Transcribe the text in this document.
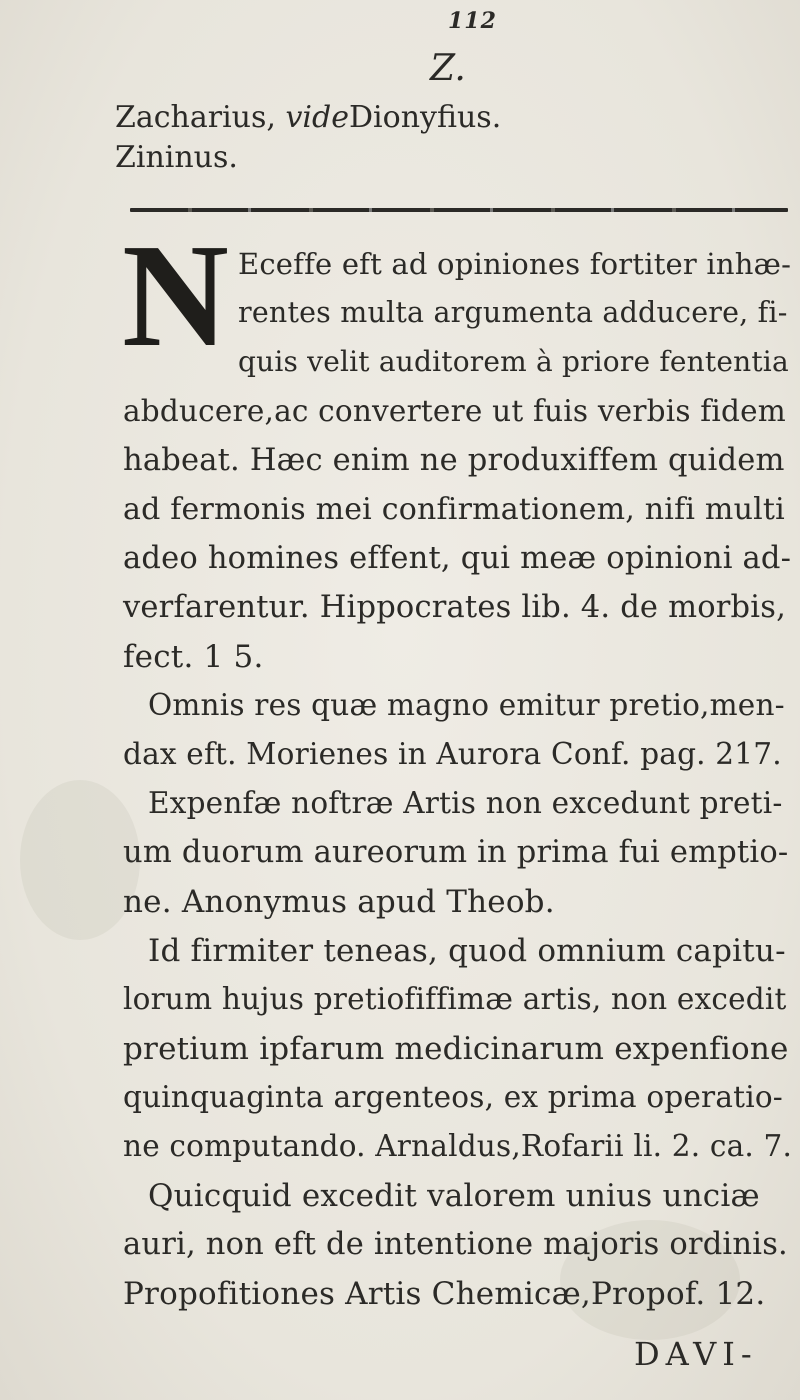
112
Z.
Zacharius, videDionyfius.
Zininus.
N Eceffe eft ad opiniones fortiter inhæ-
rentes multa argumenta adducere, fi-
quis velit auditorem à priore fententia
abducere,ac convertere ut fuis verbis fidem
habeat. Hæc enim ne produxiffem quidem
ad fermonis mei confirmationem, nifi multi
adeo homines effent, qui meæ opinioni ad-
verfarentur. Hippocrates lib. 4. de morbis,
fect. 1 5.
Omnis res quæ magno emitur pretio,men-
dax eft. Morienes in Aurora Conf. pag. 217.
Expenfæ noftræ Artis non excedunt preti-
um duorum aureorum in prima fui emptio-
ne. Anonymus apud Theob.
Id firmiter teneas, quod omnium capitu-
lorum hujus pretiofiffimæ artis, non excedit
pretium ipfarum medicinarum expenfione
quinquaginta argenteos, ex prima operatio-
ne computando. Arnaldus,Rofarii li. 2. ca. 7.
Quicquid excedit valorem unius unciæ
auri, non eft de intentione majoris ordinis.
Propofitiones Artis Chemicæ,Propof. 12.
DAVI-
